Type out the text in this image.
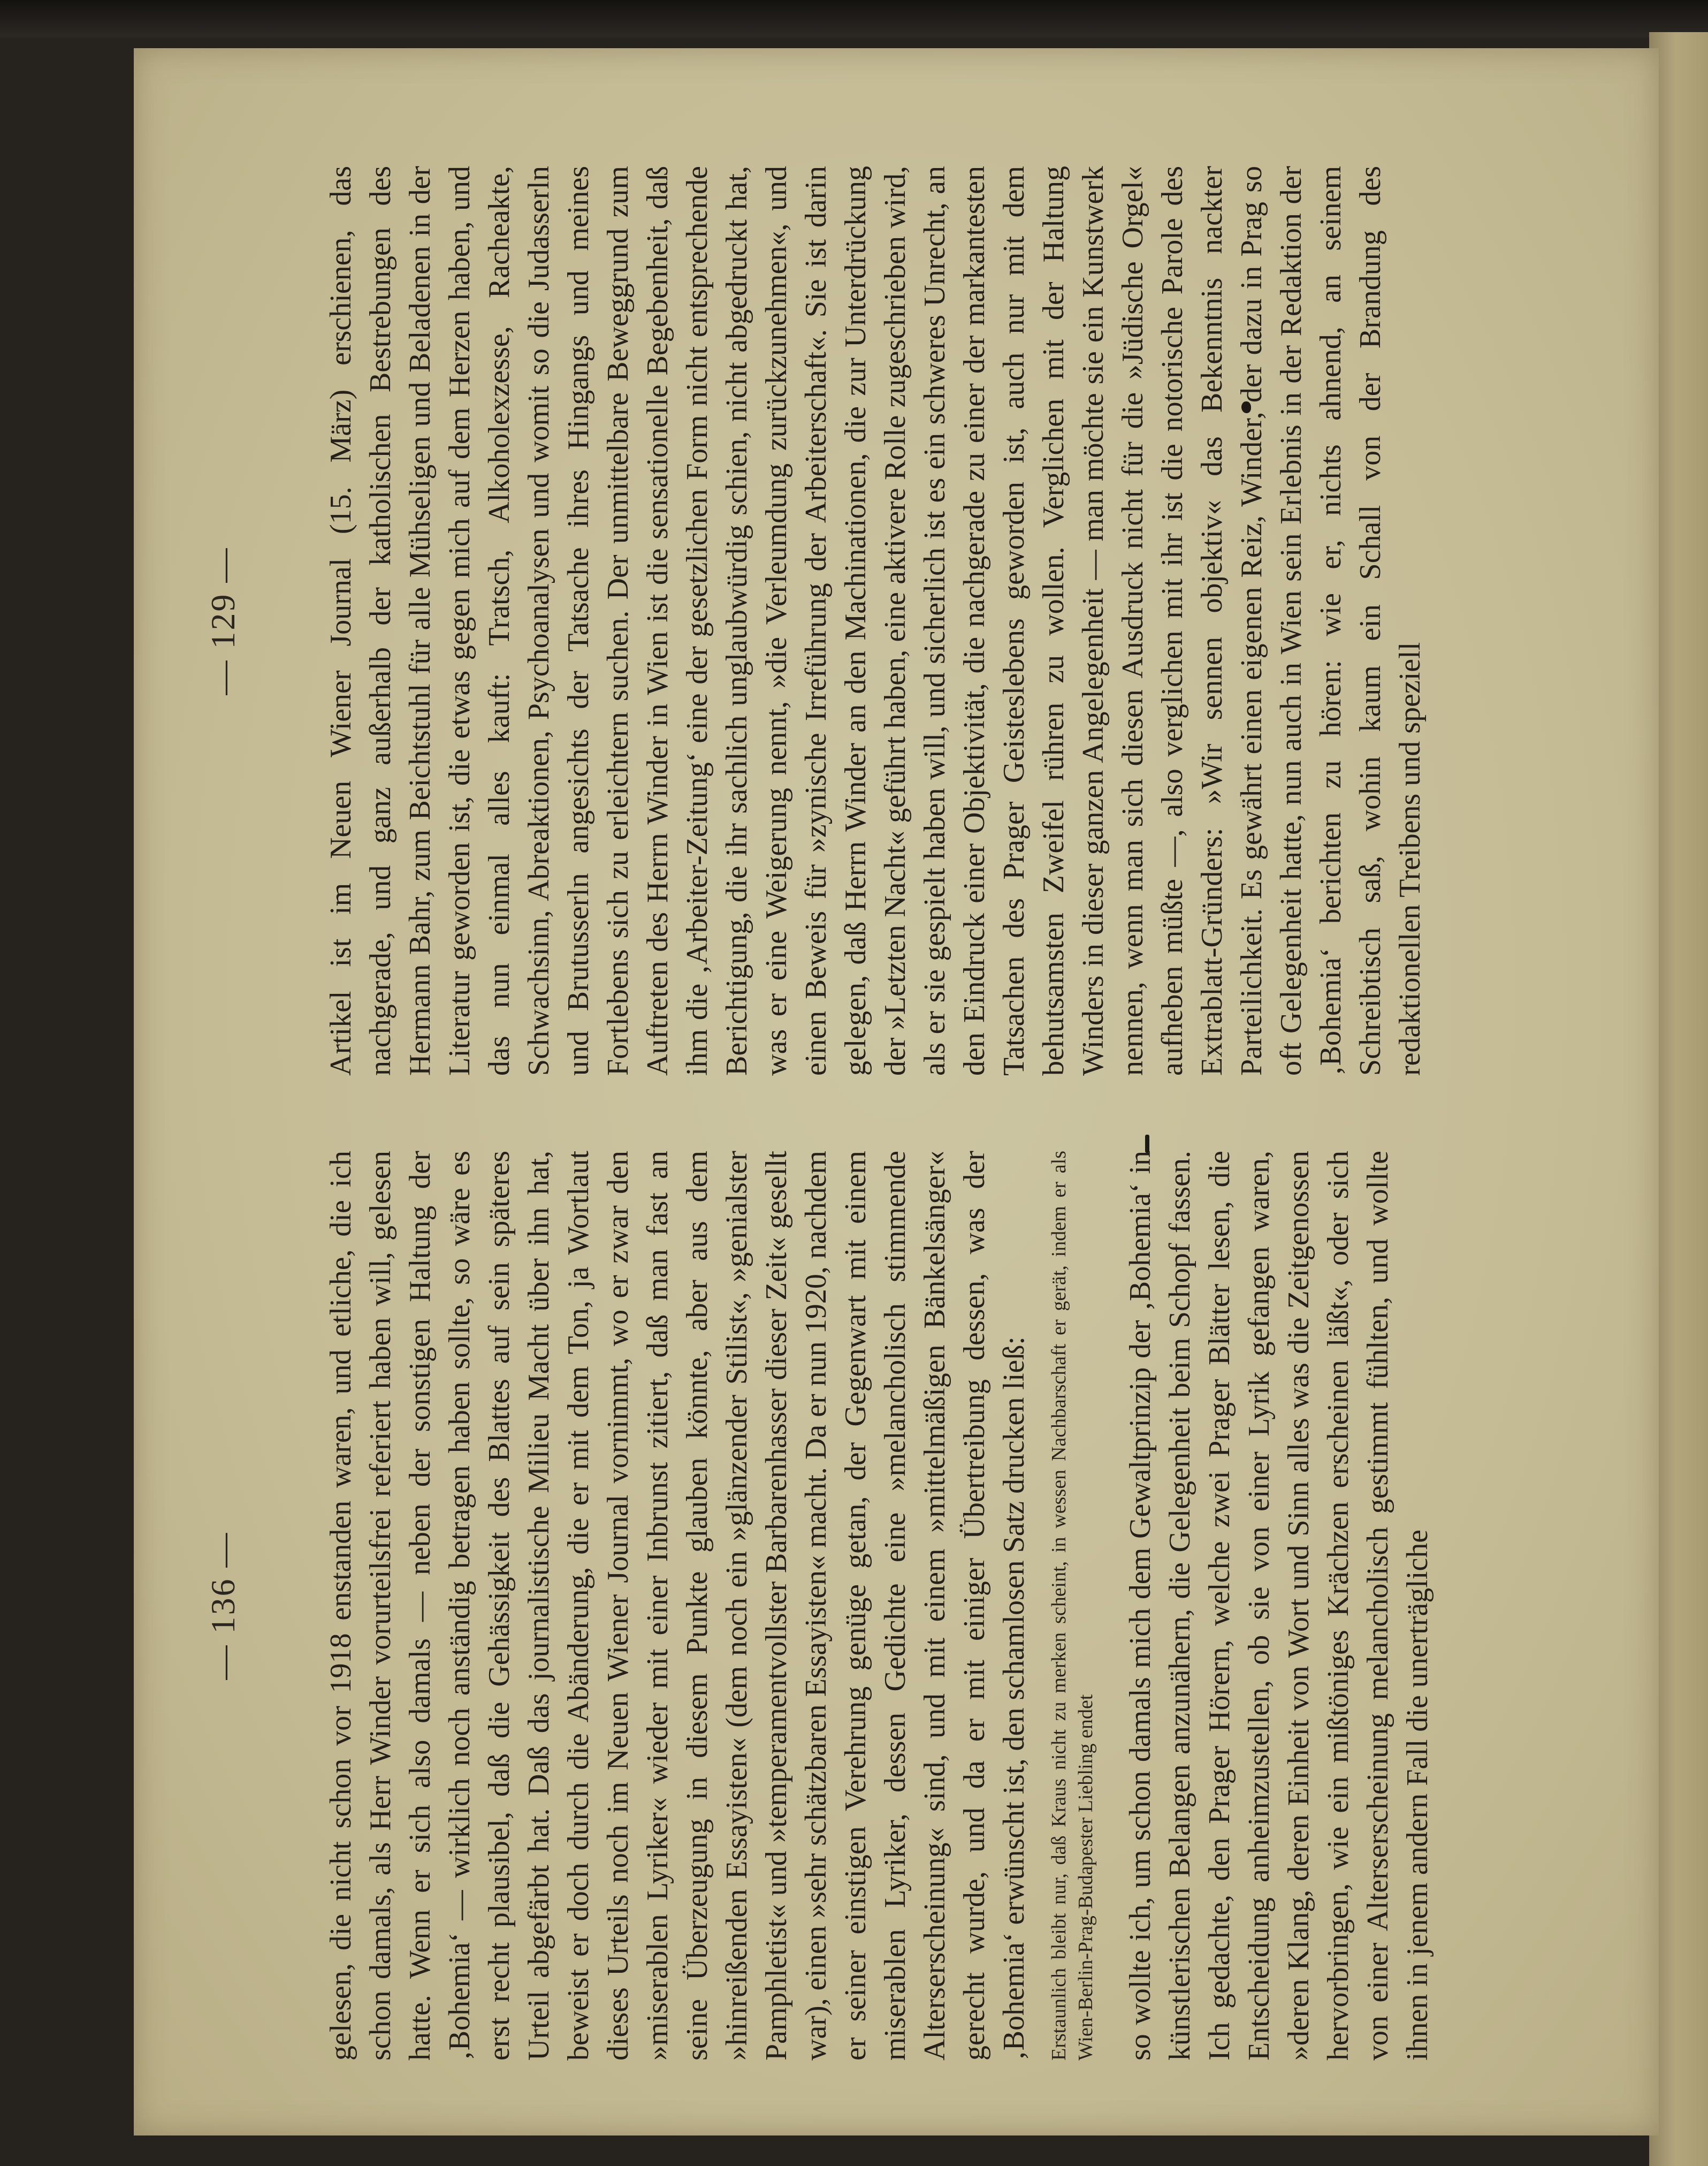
— 136 —	gelesen, die nicht schon vor 1918 enstanden waren, und etliche, die ich schon damals, als Herr Winder vorurteilsfrei referiert haben will, gelesen hatte. Wenn er sich also damals — neben der sonstigen Haltung der ‚Bohemia‘ — wirklich noch anständig betragen haben sollte, so wäre es erst recht plausibel, daß die Gehässigkeit des Blattes auf sein späteres Urteil abgefärbt hat. Daß das journalistische Milieu Macht über ihn hat, beweist er doch durch die Abänderung, die er mit dem Ton, ja Wortlaut dieses Urteils noch im Neuen Wiener Journal vornimmt, wo er zwar den »miserablen Lyriker« wieder mit einer Inbrunst zitiert, daß man fast an seine Überzeugung in diesem Punkte glauben könnte, aber aus dem »hinreißenden Essayisten« (dem noch ein »glänzender Stilist«, »genialster Pamphletist« und »temperamentvollster Barbarenhasser dieser Zeit« gesellt war), einen »sehr schätzbaren Essayisten« macht. Da er nun 1920, nachdem er seiner einstigen Verehrung genüge getan, der Gegenwart mit einem miserablen Lyriker, dessen Gedichte eine »melancholisch stimmende Alterserscheinung« sind, und mit einem »mittelmäßigen Bänkelsänger« gerecht wurde, und da er mit einiger Übertreibung dessen, was der ‚Bohemia‘ erwünscht ist, den schamlosen Satz drucken ließ: Erstaunlich bleibt nur, daß Kraus nicht zu merken scheint, in wessen Nachbarschaft er gerät, indem er als Wien-Berlin-Prag-Budapester Liebling endet so wollte ich, um schon damals mich dem Gewaltprinzip der ‚Bohemia‘ in künstlerischen Belangen anzunähern, die Gelegenheit beim Schopf fassen. Ich gedachte, den Prager Hörern, welche zwei Prager Blätter lesen, die Entscheidung anheimzustellen, ob sie von einer Lyrik gefangen waren, »deren Klang, deren Einheit von Wort und Sinn alles was die Zeitgenossen hervorbringen, wie ein mißtöniges Krächzen erscheinen läßt«, oder sich von einer Alterserscheinung melancholisch gestimmt fühlten, und wollte ihnen in jenem andern Fall die unerträgliche

— 129 —	Artikel ist im Neuen Wiener Journal (15. März) erschienen, das nachgerade, und ganz außerhalb der katholischen Bestrebungen des Hermann Bahr, zum Beichtstuhl für alle Mühseligen und Beladenen in der Literatur geworden ist, die etwas gegen mich auf dem Herzen haben, und das nun einmal alles kauft: Tratsch, Alkoholexzesse, Racheakte, Schwachsinn, Abreaktionen, Psychoanalysen und womit so die Judasserln und Brutusserln angesichts der Tatsache ihres Hingangs und meines Fortlebens sich zu erleichtern suchen. Der unmittelbare Beweggrund zum Auftreten des Herrn Winder in Wien ist die sensationelle Begebenheit, daß ihm die ‚Arbeiter-Zeitung‘ eine der gesetzlichen Form nicht entsprechende Berichtigung, die ihr sachlich unglaubwürdig schien, nicht abgedruckt hat, was er eine Weigerung nennt, »die Verleumdung zurückzunehmen«, und einen Beweis für »zynische Irreführung der Arbeiterschaft«. Sie ist darin gelegen, daß Herrn Winder an den Machinationen, die zur Unterdrückung der »Letzten Nacht« geführt haben, eine aktivere Rolle zugeschrieben wird, als er sie gespielt haben will, und sicherlich ist es ein schweres Unrecht, an den Eindruck einer Objektivität, die nachgerade zu einer der markantesten Tatsachen des Prager Geisteslebens geworden ist, auch nur mit dem behutsamsten Zweifel rühren zu wollen. Verglichen mit der Haltung Winders in dieser ganzen Angelegenheit — man möchte sie ein Kunstwerk nennen, wenn man sich diesen Ausdruck nicht für die »Jüdische Orgel« aufheben müßte —, also verglichen mit ihr ist die notorische Parole des Extrablatt-Gründers: »Wir sennen objektiv« das Bekenntnis nackter Parteilichkeit. Es gewährt einen eigenen Reiz, Winder, der dazu in Prag so oft Gelegenheit hatte, nun auch in Wien sein Erlebnis in der Redaktion der ‚Bohemia‘ berichten zu hören: wie er, nichts ahnend, an seinem Schreibtisch saß, wohin kaum ein Schall von der Brandung des redaktionellen Treibens und speziell
